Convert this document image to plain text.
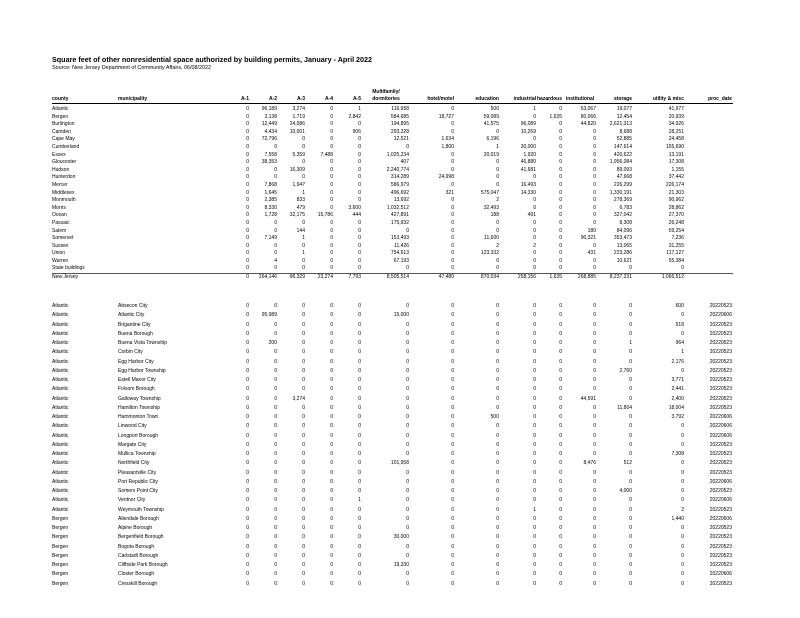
Square feet of other nonresidential space authorized by building permits, January - April 2022
Source: New Jersey Department of Community Affairs, 06/08/2022
							Multifamily/								
county	municipality	A-1	A-2	A-3	A-4	A-5	dormitories	hotel/motel	education	industrial	hazardous	institutional	storage	utility & misc	proc_date
Atlantic		0	96,189	3,274	0	1	116,958	0	500	1	0	53,067	19,077	41,977	
Bergen		0	3,138	1,719	0	2,842	584,685	18,727	59,089	0	1,635	80,066	12,454	20,939	
Burlington		0	12,449	24,086	0	0	194,895	0	41,575	96,089	0	44,820	2,621,313	34,926	
Camden		0	4,434	10,001	0	906	293,328	0	0	10,269	0	0	8,688	28,251	
Cape May		0	72,796	0	0	0	12,521	1,634	6,196	0	0	0	52,885	24,458	
Cumberland		0	0	0	0	0	0	1,800	1	30,000	0	0	147,614	155,690	
Essex		0	7,558	5,359	7,488	0	1,025,234	0	20,019	1,920	0	0	420,622	13,191	
Gloucester		0	38,353	0	0	0	407	0	0	46,880	0	0	1,956,084	17,308	
Hudson		0	0	16,309	0	0	2,240,774	0	0	41,681	0	0	89,093	1,155	
Hunterdon		0	0	0	0	0	314,289	24,998	0	0	0	0	47,668	37,442	
Mercer		0	7,868	1,947	0	0	586,979	0	0	16,493	0	0	226,299	226,174	
Middlesex		0	1,645	1	0	0	496,692	321	575,047	14,330	0	0	1,330,191	21,303	
Monmouth		0	2,385	833	0	0	13,692	0	2	0	0	0	278,369	90,962	
Morris		0	8,330	479	0	3,600	1,032,512	0	32,493	0	0	0	6,783	28,862	
Ocean		0	1,728	32,175	15,786	444	427,891	0	188	491	0	0	327,042	27,370	
Passaic		0	0	0	0	0	175,932	0	0	0	0	0	8,308	26,248	
Salem		0	0	144	0	0	0	0	0	0	0	180	84,096	59,254	
Somerset		0	7,149	1	0	0	153,493	0	11,600	0	0	90,321	353,473	7,236	
Sussex		0	0	0	0	0	11,426	0	2	2	0	0	13,065	31,255	
Union		0	0	1	0	0	754,613	0	123,332	0	0	431	223,286	117,127	
Warren		0	4	0	0	0	67,193	0	0	0	0	0	10,621	55,384	
State buildings		0	0	0	0	0	0	0	0	0	0	0	0	0	
New Jersey		0	264,146	96,329	23,274	7,793	8,505,514	47,480	870,034	258,156	1,635	268,885	8,237,231	1,066,512	
Atlantic	Absecon City	0	0	0	0	0	0	0	0	0	0	0	0	600	20220523
Atlantic	Atlantic City	0	95,989	0	0	0	15,000	0	0	0	0	0	0	0	20220606
Atlantic	Brigantine City	0	0	0	0	0	0	0	0	0	0	0	0	518	20220523
Atlantic	Buena Borough	0	0	0	0	0	0	0	0	0	0	0	0	0	20220523
Atlantic	Buena Vista Township	0	200	0	0	0	0	0	0	0	0	0	1	964	20220523
Atlantic	Corbin City	0	0	0	0	0	0	0	0	0	0	0	0	1	20220523
Atlantic	Egg Harbor City	0	0	0	0	0	0	0	0	0	0	0	0	2,176	20220523
Atlantic	Egg Harbor Township	0	0	0	0	0	0	0	0	0	0	0	2,760	0	20220523
Atlantic	Estell Manor City	0	0	0	0	0	0	0	0	0	0	0	0	3,771	20220523
Atlantic	Folsom Borough	0	0	0	0	0	0	0	0	0	0	0	0	2,441	20220523
Atlantic	Galloway Township	0	0	3,274	0	0	0	0	0	0	0	44,591	0	2,400	20220523
Atlantic	Hamilton Township	0	0	0	0	0	0	0	0	0	0	0	11,804	18,004	20220523
Atlantic	Hammonton Town	0	0	0	0	0	0	0	500	0	0	0	0	3,792	20220606
Atlantic	Linwood City	0	0	0	0	0	0	0	0	0	0	0	0	0	20220606
Atlantic	Longport Borough	0	0	0	0	0	0	0	0	0	0	0	0	0	20220606
Atlantic	Margate City	0	0	0	0	0	0	0	0	0	0	0	0	0	20220523
Atlantic	Mullica Township	0	0	0	0	0	0	0	0	0	0	0	0	7,308	20220523
Atlantic	Northfield City	0	0	0	0	0	101,958	0	0	0	0	8,476	512	0	20220523
Atlantic	Pleasantville City	0	0	0	0	0	0	0	0	0	0	0	0	0	20220523
Atlantic	Port Republic City	0	0	0	0	0	0	0	0	0	0	0	0	0	20220606
Atlantic	Somers Point City	0	0	0	0	0	0	0	0	0	0	0	4,000	0	20220523
Atlantic	Ventnor City	0	0	0	0	1	0	0	0	0	0	0	0	0	20220606
Atlantic	Weymouth Township	0	0	0	0	0	0	0	0	1	0	0	0	2	20220523
Bergen	Allendale Borough	0	0	0	0	0	0	0	0	0	0	0	0	1,440	20220606
Bergen	Alpine Borough	0	0	0	0	0	0	0	0	0	0	0	0	0	20220523
Bergen	Bergenfield Borough	0	0	0	0	0	30,000	0	0	0	0	0	0	0	20220523
Bergen	Bogota Borough	0	0	0	0	0	0	0	0	0	0	0	0	0	20220523
Bergen	Carlstadt Borough	0	0	0	0	0	0	0	0	0	0	0	0	0	20220523
Bergen	Cliffside Park Borough	0	0	0	0	0	19,330	0	0	0	0	0	0	0	20220523
Bergen	Closter Borough	0	0	0	0	0	0	0	0	0	0	0	0	0	20220606
Bergen	Cresskill Borough	0	0	0	0	0	0	0	0	0	0	0	0	0	20220523
